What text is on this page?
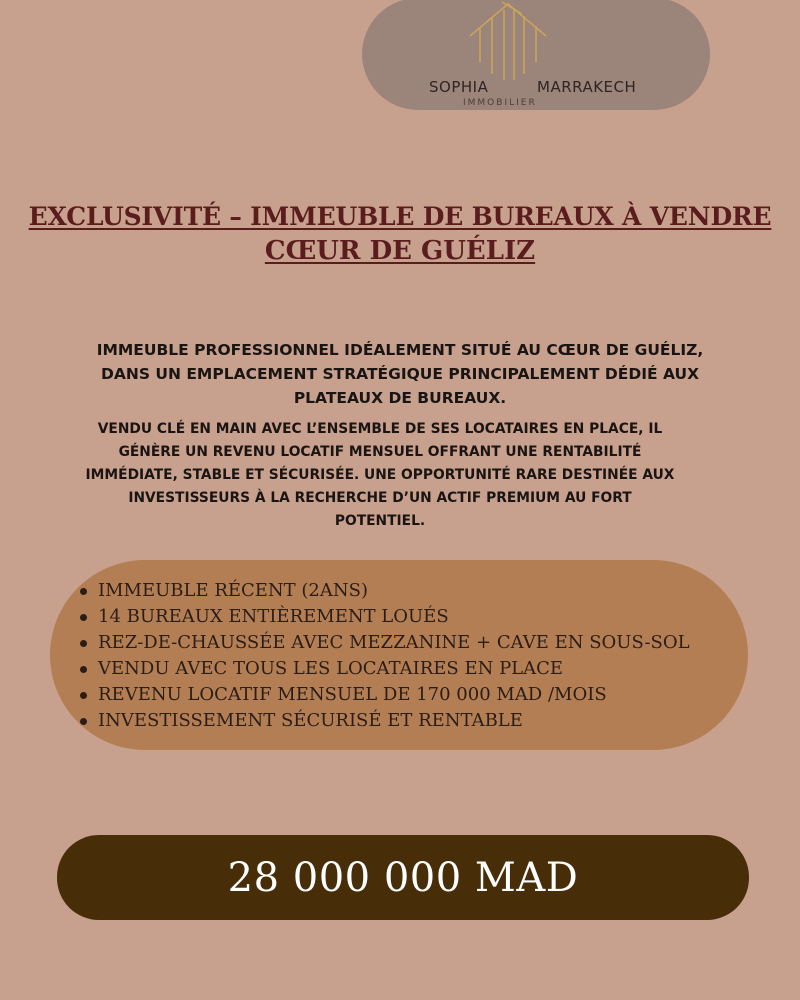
SOPHIA	MARRAKECH
IMMOBILIER
EXCLUSIVITÉ – IMMEUBLE DE BUREAUX À VENDRE
CŒUR DE GUÉLIZ
IMMEUBLE PROFESSIONNEL IDÉALEMENT SITUÉ AU CŒUR DE GUÉLIZ,
DANS UN EMPLACEMENT STRATÉGIQUE PRINCIPALEMENT DÉDIÉ AUX
PLATEAUX DE BUREAUX.
VENDU CLÉ EN MAIN AVEC L’ENSEMBLE DE SES LOCATAIRES EN PLACE, IL
GÉNÈRE UN REVENU LOCATIF MENSUEL OFFRANT UNE RENTABILITÉ
IMMÉDIATE, STABLE ET SÉCURISÉE. UNE OPPORTUNITÉ RARE DESTINÉE AUX
INVESTISSEURS À LA RECHERCHE D’UN ACTIF PREMIUM AU FORT
POTENTIEL.
IMMEUBLE RÉCENT (2ANS)
14 BUREAUX ENTIÈREMENT LOUÉS
REZ-DE-CHAUSSÉE AVEC MEZZANINE + CAVE EN SOUS-SOL
VENDU AVEC TOUS LES LOCATAIRES EN PLACE
REVENU LOCATIF MENSUEL DE 170 000 MAD /MOIS
INVESTISSEMENT SÉCURISÉ ET RENTABLE
28 000 000 MAD
